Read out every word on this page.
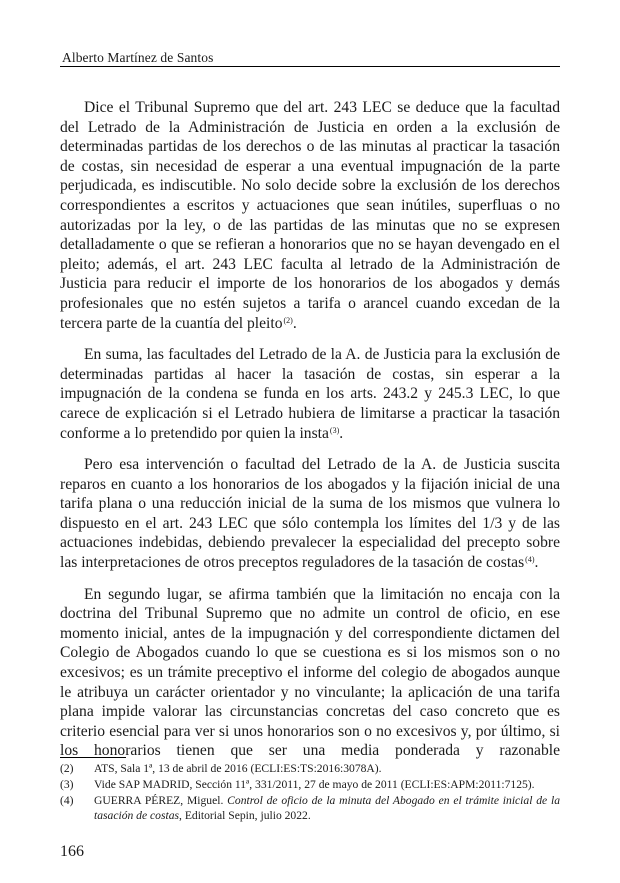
Alberto Martínez de Santos

Dice el Tribunal Supremo que del art. 243 LEC se deduce que la facultad del Letrado de la Administración de Justicia en orden a la exclusión de determinadas partidas de los derechos o de las minutas al practicar la tasación de costas, sin necesidad de esperar a una eventual impugnación de la parte perjudicada, es indiscutible. No solo decide sobre la exclusión de los derechos correspondientes a escritos y actuaciones que sean inútiles, superfluas o no autorizadas por la ley, o de las partidas de las minutas que no se expresen detalladamente o que se refieran a honorarios que no se hayan devengado en el pleito; además, el art. 243 LEC faculta al letrado de la Administración de Justicia para reducir el importe de los honorarios de los abogados y demás profesionales que no estén sujetos a tarifa o arancel cuando excedan de la tercera parte de la cuantía del pleito$^{(2)}$.

En suma, las facultades del Letrado de la A. de Justicia para la exclusión de determinadas partidas al hacer la tasación de costas, sin esperar a la impugnación de la condena se funda en los arts. 243.2 y 245.3 LEC, lo que carece de explicación si el Letrado hubiera de limitarse a practicar la tasación conforme a lo pretendido por quien la insta$^{(3)}$.

Pero esa intervención o facultad del Letrado de la A. de Justicia suscita reparos en cuanto a los honorarios de los abogados y la fijación inicial de una tarifa plana o una reducción inicial de la suma de los mismos que vulnera lo dispuesto en el art. 243 LEC que sólo contempla los límites del 1/3 y de las actuaciones indebidas, debiendo prevalecer la especialidad del precepto sobre las interpretaciones de otros preceptos reguladores de la tasación de costas$^{(4)}$.

En segundo lugar, se afirma también que la limitación no encaja con la doctrina del Tribunal Supremo que no admite un control de oficio, en ese momento inicial, antes de la impugnación y del correspondiente dictamen del Colegio de Abogados cuando lo que se cuestiona es si los mismos son o no excesivos; es un trámite preceptivo el informe del colegio de abogados aunque le atribuya un carácter orientador y no vinculante; la aplicación de una tarifa plana impide valorar las circunstancias concretas del caso concreto que es criterio esencial para ver si unos honorarios son o no excesivos y, por último, si los honorarios tienen que ser una media ponderada y razonable

(2)	ATS, Sala 1ª, 13 de abril de 2016 (ECLI:ES:TS:2016:3078A).
(3)	Vide SAP MADRID, Sección 11ª, 331/2011, 27 de mayo de 2011 (ECLI:ES:APM:2011:7125).
(4)	GUERRA PÉREZ, Miguel. Control de oficio de la minuta del Abogado en el trámite inicial de la tasación de costas, Editorial Sepin, julio 2022.
166
